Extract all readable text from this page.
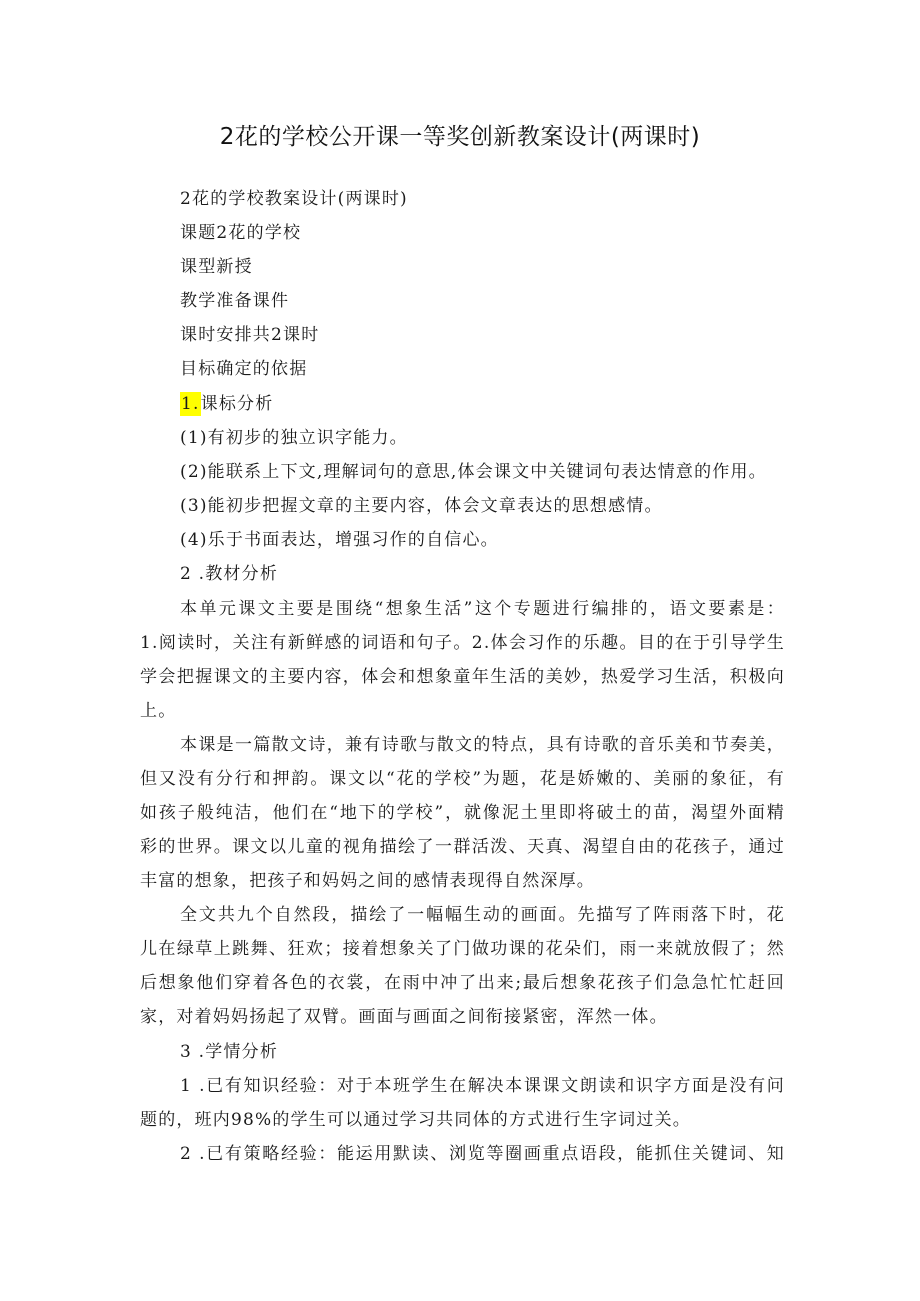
2花的学校公开课一等奖创新教案设计(两课时)
2花的学校教案设计(两课时)
课题2花的学校
课型新授
教学准备课件
课时安排共2课时
目标确定的依据
1.课标分析
(1)有初步的独立识字能力。
(2)能联系上下文,理解词句的意思,体会课文中关键词句表达情意的作用。
(3)能初步把握文章的主要内容，体会文章表达的思想感情。
(4)乐于书面表达，增强习作的自信心。
2 .教材分析
本单元课文主要是围绕“想象生活”这个专题进行编排的，语文要素是：
1.阅读时，关注有新鲜感的词语和句子。2.体会习作的乐趣。目的在于引导学生
学会把握课文的主要内容，体会和想象童年生活的美妙，热爱学习生活，积极向
上。
本课是一篇散文诗，兼有诗歌与散文的特点，具有诗歌的音乐美和节奏美，
但又没有分行和押韵。课文以“花的学校”为题，花是娇嫩的、美丽的象征，有
如孩子般纯洁，他们在“地下的学校”，就像泥土里即将破土的苗，渴望外面精
彩的世界。课文以儿童的视角描绘了一群活泼、天真、渴望自由的花孩子，通过
丰富的想象，把孩子和妈妈之间的感情表现得自然深厚。
全文共九个自然段，描绘了一幅幅生动的画面。先描写了阵雨落下时，花
儿在绿草上跳舞、狂欢；接着想象关了门做功课的花朵们，雨一来就放假了；然
后想象他们穿着各色的衣裳，在雨中冲了出来;最后想象花孩子们急急忙忙赶回
家，对着妈妈扬起了双臂。画面与画面之间衔接紧密，浑然一体。
3 .学情分析
1 .已有知识经验：对于本班学生在解决本课课文朗读和识字方面是没有问
题的，班内98%的学生可以通过学习共同体的方式进行生字词过关。
2 .已有策略经验：能运用默读、浏览等圈画重点语段，能抓住关键词、知
